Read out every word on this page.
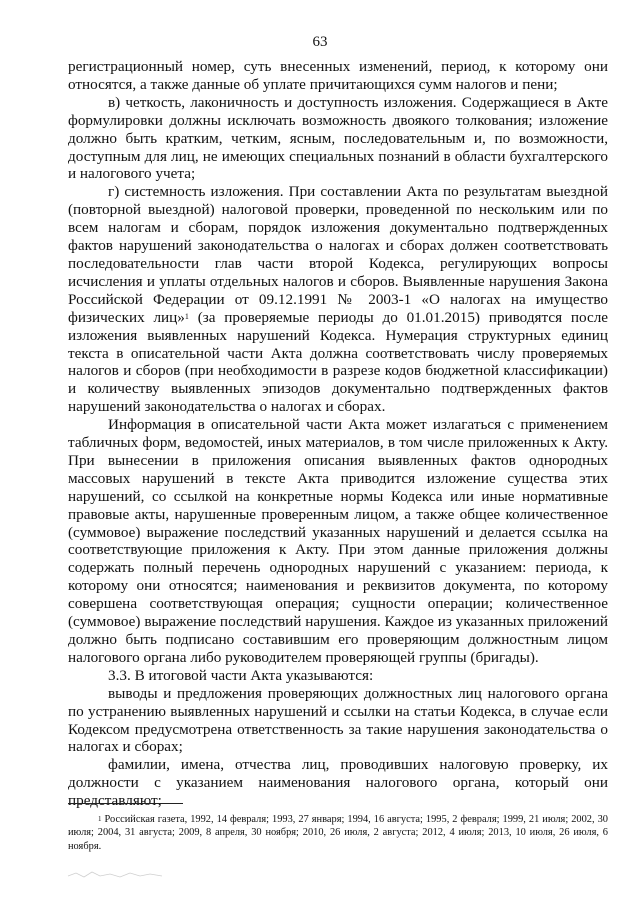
63

регистрационный номер, суть внесенных изменений, период, к которому они относятся, а также данные об уплате причитающихся сумм налогов и пени;

в) четкость, лаконичность и доступность изложения. Содержащиеся в Акте формулировки должны исключать возможность двоякого толкования; изложение должно быть кратким, четким, ясным, последовательным и, по возможности, доступным для лиц, не имеющих специальных познаний в области бухгалтерского и налогового учета;

г) системность изложения. При составлении Акта по результатам выездной (повторной выездной) налоговой проверки, проведенной по нескольким или по всем налогам и сборам, порядок изложения документально подтвержденных фактов нарушений законодательства о налогах и сборах должен соответствовать последовательности глав части второй Кодекса, регулирующих вопросы исчисления и уплаты отдельных налогов и сборов. Выявленные нарушения Закона Российской Федерации от 09.12.1991 № 2003-1 «О налогах на имущество физических лиц»$^1$ (за проверяемые периоды до 01.01.2015) приводятся после изложения выявленных нарушений Кодекса. Нумерация структурных единиц текста в описательной части Акта должна соответствовать числу проверяемых налогов и сборов (при необходимости в разрезе кодов бюджетной классификации) и количеству выявленных эпизодов документально подтвержденных фактов нарушений законодательства о налогах и сборах.

Информация в описательной части Акта может излагаться с применением табличных форм, ведомостей, иных материалов, в том числе приложенных к Акту. При вынесении в приложения описания выявленных фактов однородных массовых нарушений в тексте Акта приводится изложение существа этих нарушений, со ссылкой на конкретные нормы Кодекса или иные нормативные правовые акты, нарушенные проверенным лицом, а также общее количественное (суммовое) выражение последствий указанных нарушений и делается ссылка на соответствующие приложения к Акту. При этом данные приложения должны содержать полный перечень однородных нарушений с указанием: периода, к которому они относятся; наименования и реквизитов документа, по которому совершена соответствующая операция; сущности операции; количественное (суммовое) выражение последствий нарушения. Каждое из указанных приложений должно быть подписано составившим его проверяющим должностным лицом налогового органа либо руководителем проверяющей группы (бригады).

3.3. В итоговой части Акта указываются:

выводы и предложения проверяющих должностных лиц налогового органа по устранению выявленных нарушений и ссылки на статьи Кодекса, в случае если Кодексом предусмотрена ответственность за такие нарушения законодательства о налогах и сборах;

фамилии, имена, отчества лиц, проводивших налоговую проверку, их должности с указанием наименования налогового органа, который они представляют;

$^1$ Российская газета, 1992, 14 февраля; 1993, 27 января; 1994, 16 августа; 1995, 2 февраля; 1999, 21 июля; 2002, 30 июля; 2004, 31 августа; 2009, 8 апреля, 30 ноября; 2010, 26 июля, 2 августа; 2012, 4 июля; 2013, 10 июля, 26 июля, 6 ноября.
